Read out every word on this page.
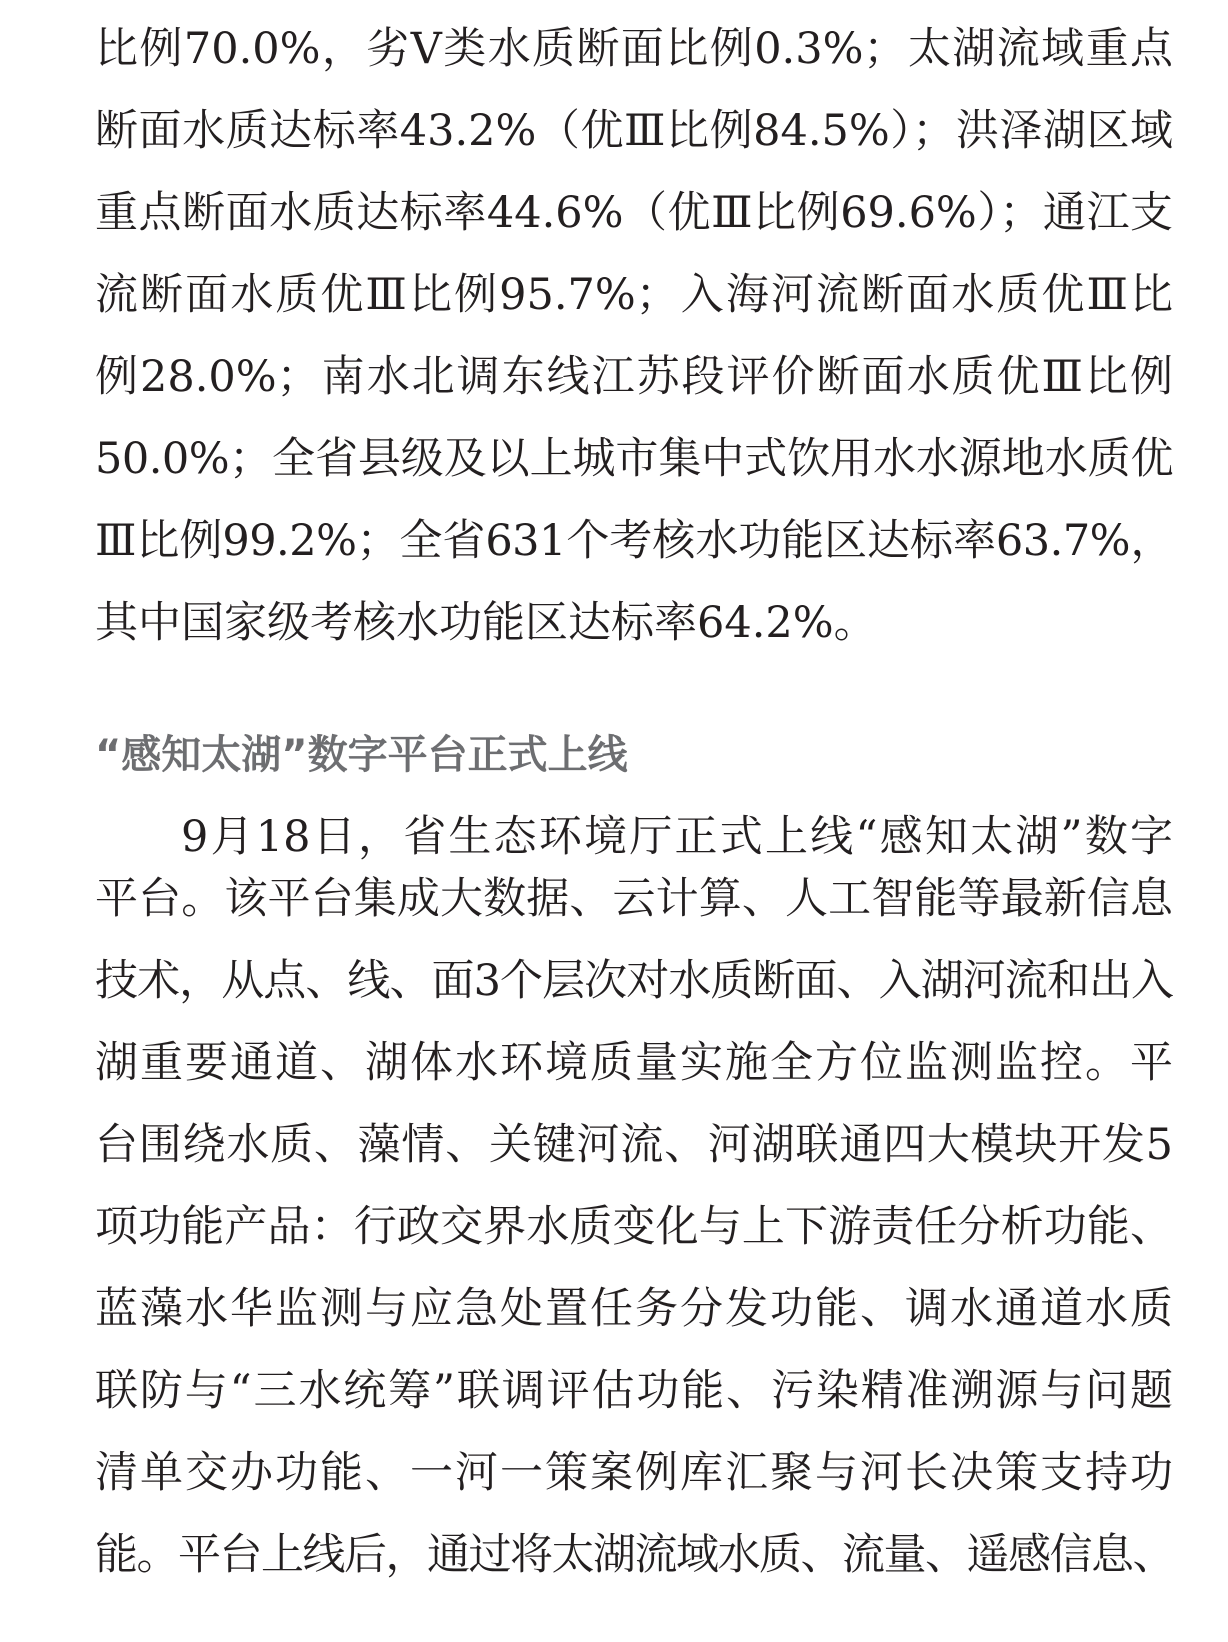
比例70.0%，劣Ⅴ类水质断面比例0.3%；太湖流域重点
断面水质达标率43.2%（优Ⅲ比例84.5%）；洪泽湖区域
重点断面水质达标率44.6%（优Ⅲ比例69.6%）；通江支
流断面水质优Ⅲ比例95.7%；入海河流断面水质优Ⅲ比
例28.0%；南水北调东线江苏段评价断面水质优Ⅲ比例
50.0%；全省县级及以上城市集中式饮用水水源地水质优
Ⅲ比例99.2%；全省631个考核水功能区达标率63.7%，
其中国家级考核水功能区达标率64.2%。
“感知太湖”数字平台正式上线
9月18日，省生态环境厅正式上线“感知太湖”数字
平台。该平台集成大数据、云计算、人工智能等最新信息
技术，从点、线、面3个层次对水质断面、入湖河流和出入
湖重要通道、湖体水环境质量实施全方位监测监控。平
台围绕水质、藻情、关键河流、河湖联通四大模块开发5
项功能产品：行政交界水质变化与上下游责任分析功能、
蓝藻水华监测与应急处置任务分发功能、调水通道水质
联防与“三水统筹”联调评估功能、污染精准溯源与问题
清单交办功能、一河一策案例库汇聚与河长决策支持功
能。平台上线后，通过将太湖流域水质、流量、遥感信息、
